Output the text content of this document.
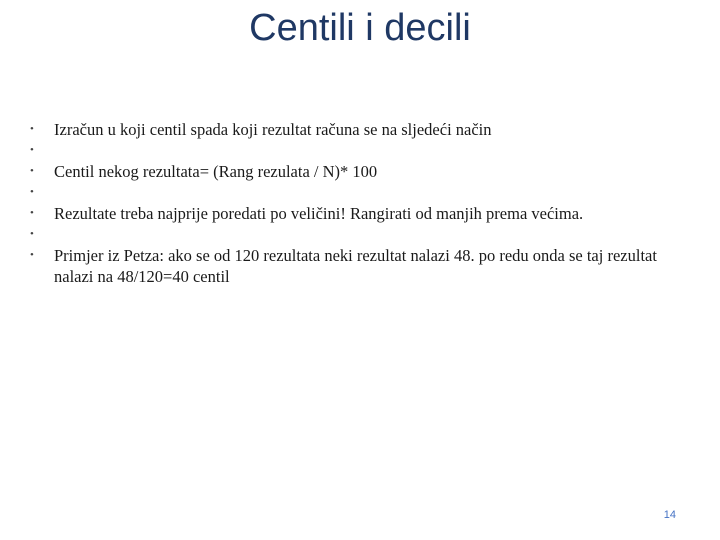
Centili i decili
• Izračun u koji centil spada koji rezultat računa se na sljedeći način
•
• Centil nekog rezultata= (Rang rezulata / N)* 100
•
• Rezultate treba najprije poredati po veličini! Rangirati od manjih prema većima.
•
• Primjer iz Petza: ako se od 120 rezultata neki rezultat nalazi 48. po redu onda se taj rezultat nalazi na 48/120=40 centil
14
